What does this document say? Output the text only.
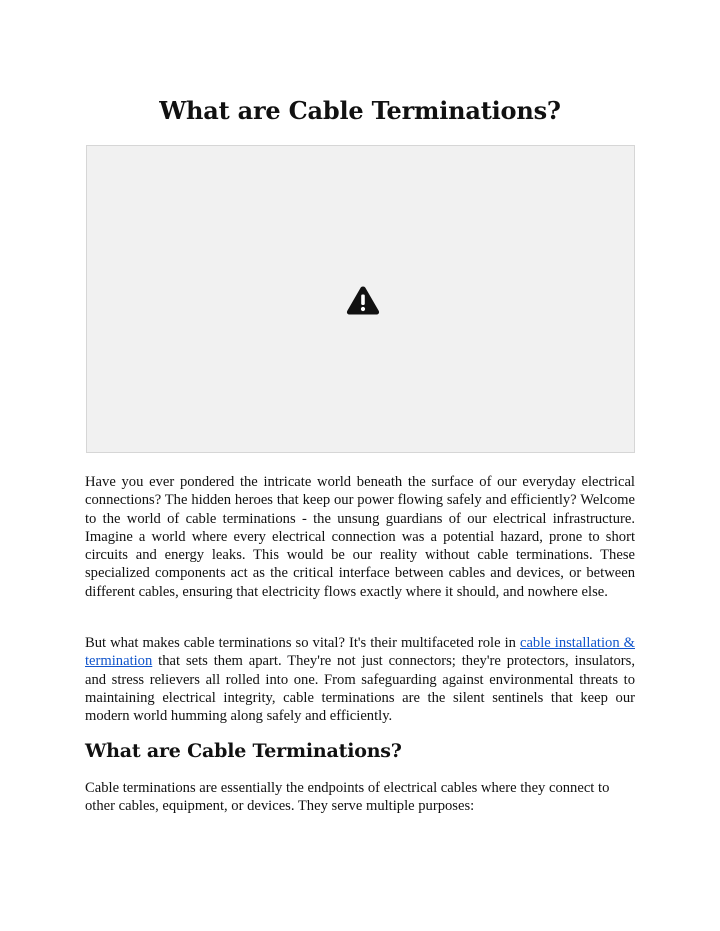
What are Cable Terminations?

Have you ever pondered the intricate world beneath the surface of our everyday electrical connections? The hidden heroes that keep our power flowing safely and efficiently? Welcome to the world of cable terminations - the unsung guardians of our electrical infrastructure. Imagine a world where every electrical connection was a potential hazard, prone to short circuits and energy leaks. This would be our reality without cable terminations. These specialized components act as the critical interface between cables and devices, or between different cables, ensuring that electricity flows exactly where it should, and nowhere else.

But what makes cable terminations so vital? It's their multifaceted role in cable installation & termination that sets them apart. They're not just connectors; they're protectors, insulators, and stress relievers all rolled into one. From safeguarding against environmental threats to maintaining electrical integrity, cable terminations are the silent sentinels that keep our modern world humming along safely and efficiently.

What are Cable Terminations?

Cable terminations are essentially the endpoints of electrical cables where they connect to other cables, equipment, or devices. They serve multiple purposes:
